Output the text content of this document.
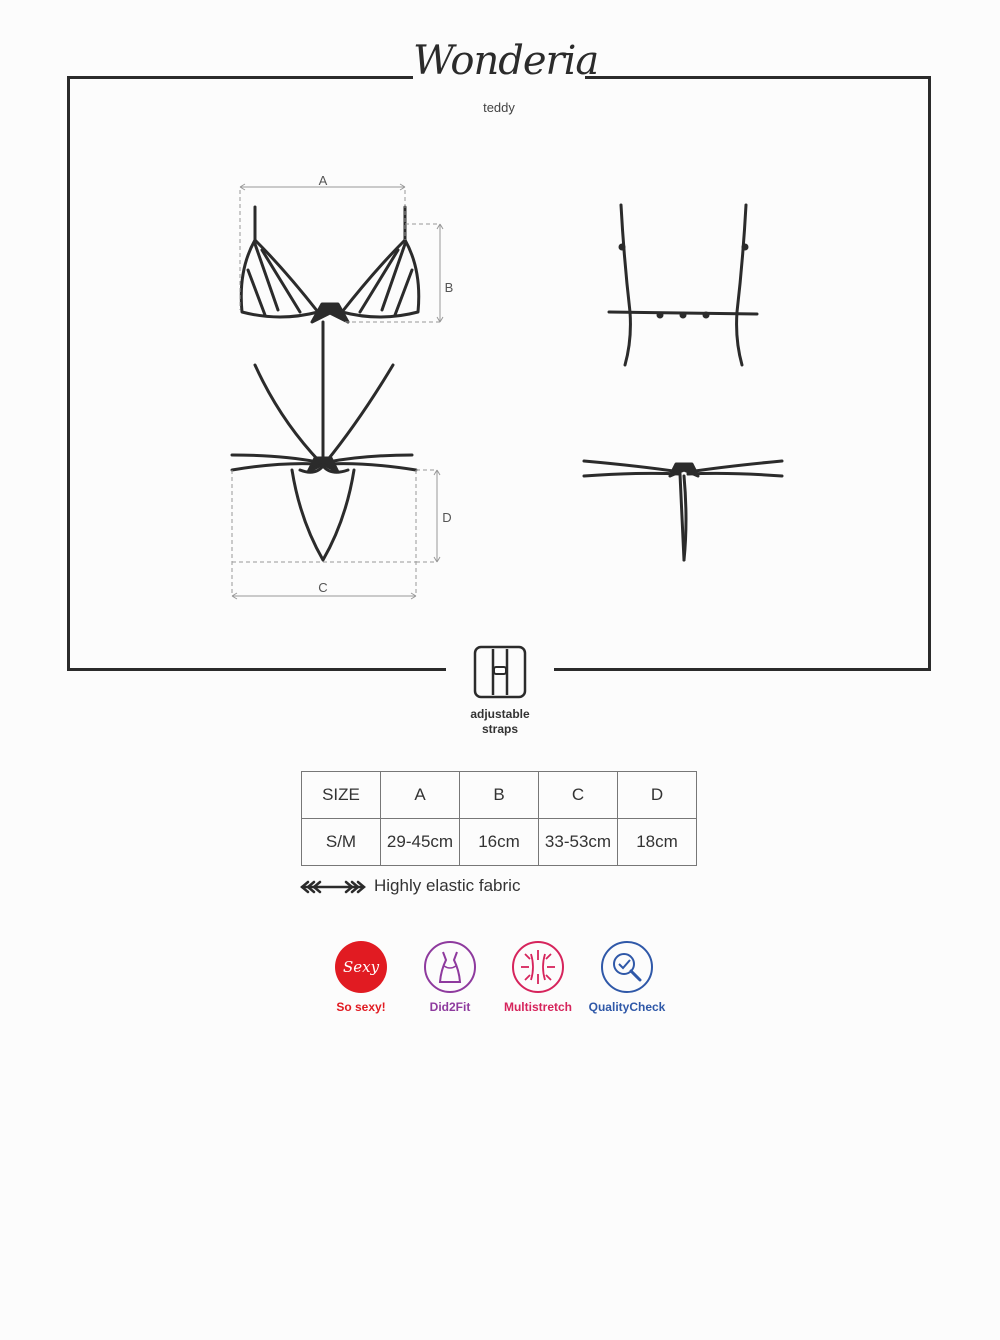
Wonderia
teddy
A
B
C
D
adjustable
straps
SIZE	A	B	C	D
S/M	29-45cm	16cm	33-53cm	18cm
Highly elastic fabric
Sexy
So sexy!	Did2Fit	Multistretch	QualityCheck
